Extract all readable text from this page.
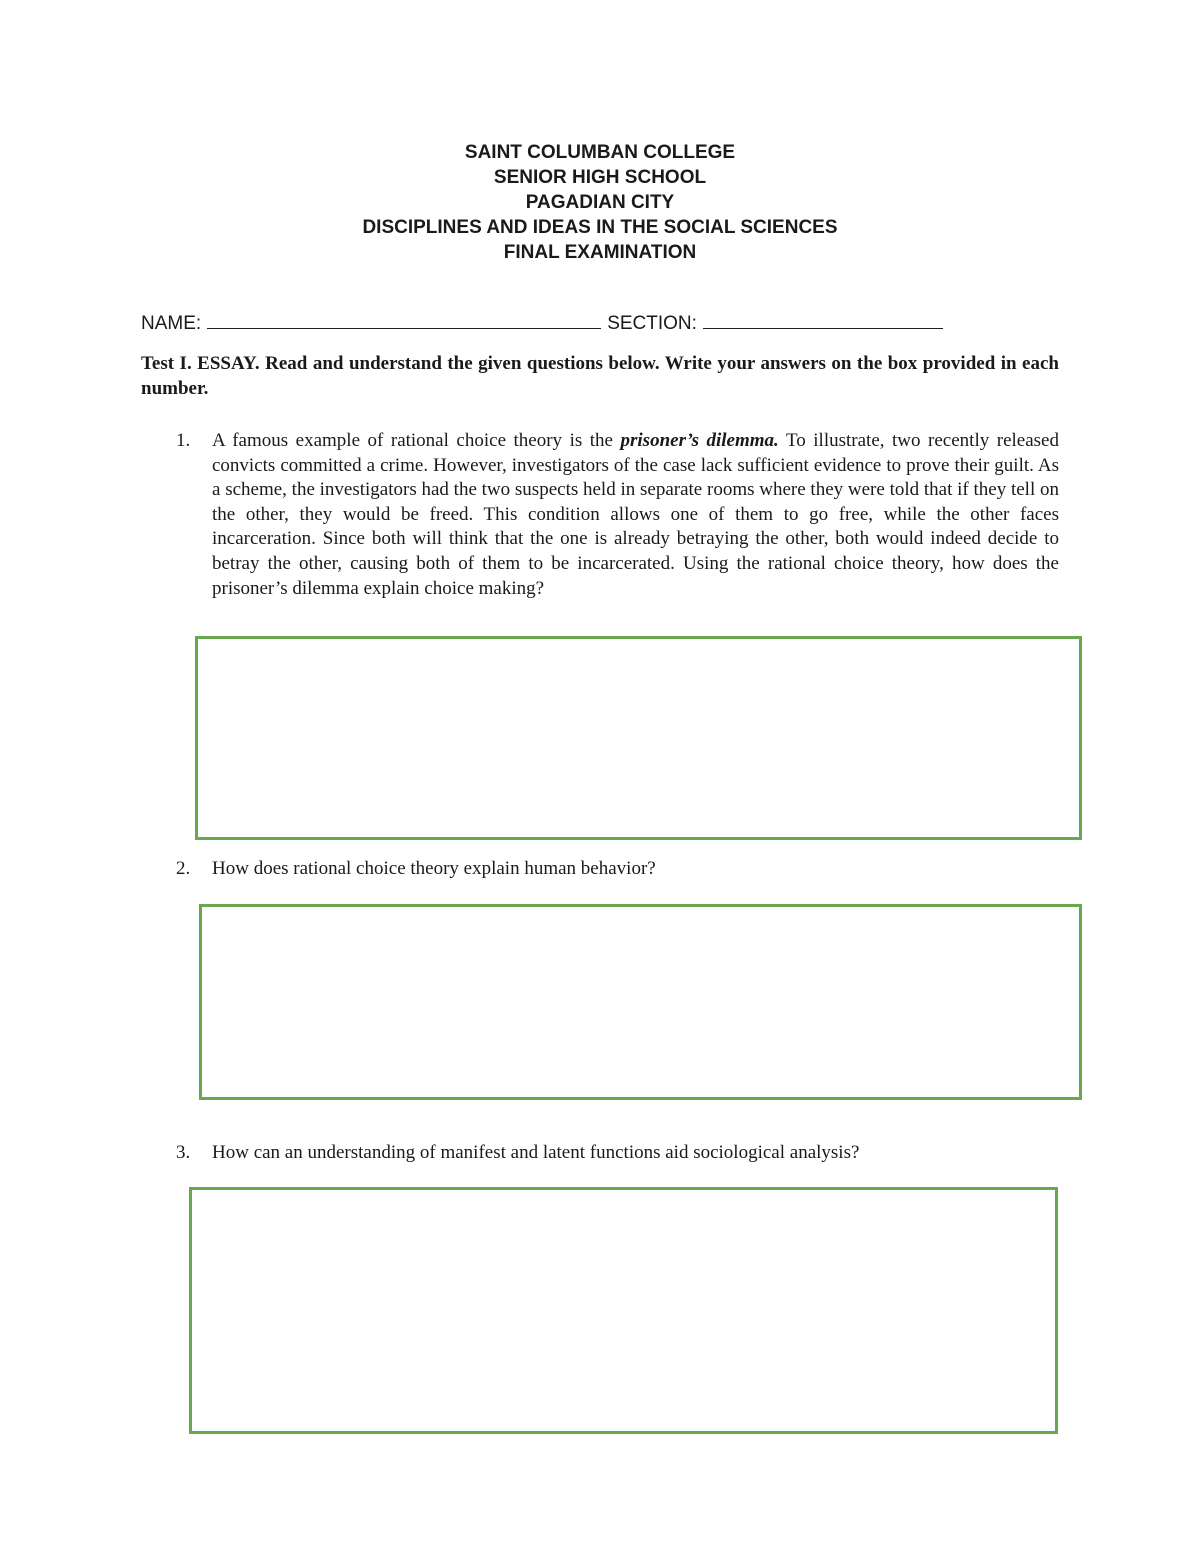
SAINT COLUMBAN COLLEGE
SENIOR HIGH SCHOOL
PAGADIAN CITY
DISCIPLINES AND IDEAS IN THE SOCIAL SCIENCES
FINAL EXAMINATION
NAME:	SECTION:
Test I. ESSAY. Read and understand the given questions below. Write your answers on the box provided in each number.
1. A famous example of rational choice theory is the prisoner’s dilemma. To illustrate, two recently released convicts committed a crime. However, investigators of the case lack sufficient evidence to prove their guilt. As a scheme, the investigators had the two suspects held in separate rooms where they were told that if they tell on the other, they would be freed. This condition allows one of them to go free, while the other faces incarceration. Since both will think that the one is already betraying the other, both would indeed decide to betray the other, causing both of them to be incarcerated. Using the rational choice theory, how does the prisoner’s dilemma explain choice making?
2. How does rational choice theory explain human behavior?
3. How can an understanding of manifest and latent functions aid sociological analysis?
